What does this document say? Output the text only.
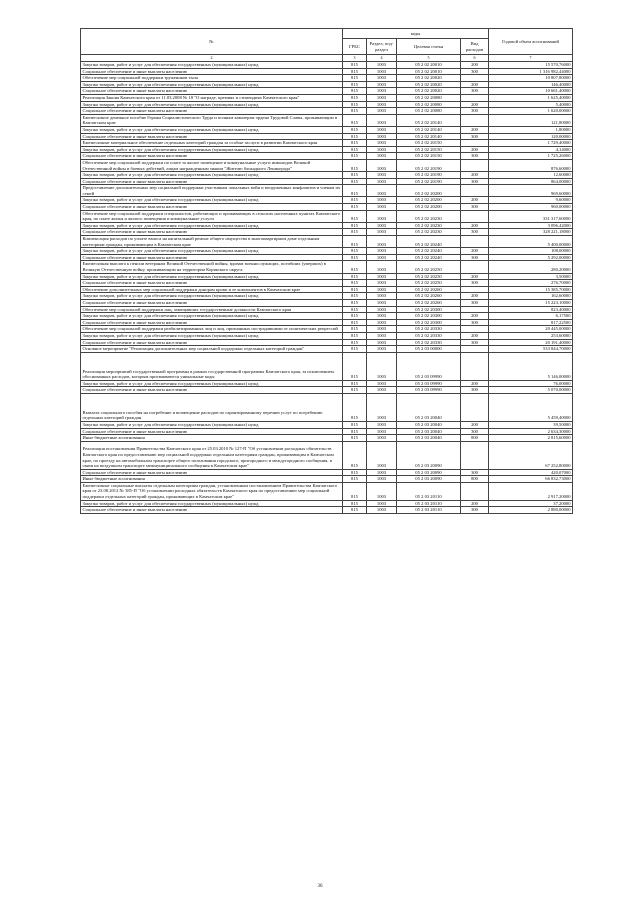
№	коды				Годовой объем ассигнований
	ГРБС	Раздел, под-раздел	Целевая статья	Вид расходов	
2	3	4	5	6	7
Закупка товаров, работ и услуг для обеспечения государственных (муниципальных) нужд	815	1003	05 2 02 20010	200	15 570,76000
Социальное обеспечение и иные выплаты населению	815	1003	05 2 02 20010	300	1 316 982,44000
Обеспечение мер социальной поддержки тружеников тыла	815	1003	05 2 02 20020		10 807,80000
Закупка товаров, работ и услуг для обеспечения государственных (муниципальных) нужд	815	1003	05 2 02 20020	200	146,40000
Социальное обеспечение и иные выплаты населению	815	1003	05 2 02 20020	300	10 661,40000
Реализация Закона Камчатского края от 11.03.2008 № 18 "О награде, премиях и стипендиях Камчатского края"	815	1003	05 2 02 20080		1 625,40000
Закупка товаров, работ и услуг для обеспечения государственных (муниципальных) нужд	815	1003	05 2 02 20080	200	5,40000
Социальное обеспечение и иные выплаты населению	815	1003	05 2 02 20080	300	1 620,00000
Ежемесячное денежное пособие Героям Социалистического Труда и полным кавалерам ордена Трудовой Славы, проживающим в Камчатском крае	815	1003	05 2 02 20140		121,80000
Закупка товаров, работ и услуг для обеспечения государственных (муниципальных) нужд	815	1003	05 2 02 20140	200	1,80000
Социальное обеспечение и иные выплаты населению	815	1003	05 2 02 20140	300	120,00000
Ежемесячные материальное обеспечение отдельных категорий граждан за особые заслуги в развитии Камчатского края	815	1003	05 2 02 20150		1 729,40000
Закупка товаров, работ и услуг для обеспечения государственных (муниципальных) нужд	815	1003	05 2 02 20150	200	4,14000
Социальное обеспечение и иные выплаты населению	815	1003	05 2 02 20150	300	1 725,26000
Обеспечение мер социальной поддержки по плате за жилое помещение и коммунальные услуги инвалидов Великой Отечественной войны и боевых действий, лицам награжденным знаком "Жителю блокадного Ленинграда"	815	1003	05 2 02 20190		876,60000
Закупка товаров, работ и услуг для обеспечения государственных (муниципальных) нужд	815	1003	05 2 02 20190	200	12,60000
Социальное обеспечение и иные выплаты населению	815	1003	05 2 02 20190	300	864,00000
Предоставление дополнительных мер социальной поддержки участникам локальных войн и вооруженных конфликтов и членам их семей	815	1003	05 2 02 20200		969,60000
Закупка товаров, работ и услуг для обеспечения государственных (муниципальных) нужд	815	1003	05 2 02 20200	200	9,60000
Социальное обеспечение и иные выплаты населению	815	1003	05 2 02 20200	300	960,00000
Обеспечение мер социальной поддержки специалистов, работающих и проживающих в сельских населенных пунктах Камчатского края, по плате жилья и жилого помещения и коммунальные услуги	815	1003	05 2 02 20230		331 317,60000
Закупка товаров, работ и услуг для обеспечения государственных (муниципальных) нужд	815	1003	05 2 02 20230	200	3 096,42000
Социальное обеспечение и иные выплаты населению	815	1003	05 2 02 20230	300	328 221,18000
Компенсация расходов по уплате взноса на капитальный ремонт общего имущества в многоквартирном доме отдельным категориям граждан, проживающим в Камчатском крае	815	1003	05 2 02 20240		5 400,00000
Закупка товаров, работ и услуг для обеспечения государственных (муниципальных) нужд	815	1003	05 2 02 20240	200	108,00000
Социальное обеспечение и иные выплаты населению	815	1003	05 2 02 20240	300	5 292,00000
Ежемесячная выплата к пенсии ветеранам Великой Отечественной войны, вдовам военнослужащих, погибших (умерших) в Великую Отечественную войну, проживающим на территории Корякского округа	815	1003	05 2 02 20250		280,20000
Закупка товаров, работ и услуг для обеспечения государственных (муниципальных) нужд	815	1003	05 2 02 20250	200	3,50000
Социальное обеспечение и иные выплаты населению	815	1003	05 2 02 20250	300	276,70000
Обеспечение дополнительных мер социальной поддержки донорам крови и ее компонентов в Камчатском крае	815	1003	05 2 02 20260		15 385,70000
Закупка товаров, работ и услуг для обеспечения государственных (муниципальных) нужд	815	1003	05 2 02 20260	200	162,60000
Социальное обеспечение и иные выплаты населению	815	1003	05 2 02 20260	300	15 223,10000
Обеспечение мер социальной поддержки лиц, замещавших государственные должности Камчатского края	815	1003	05 2 02 20300		823,40000
Закупка товаров, работ и услуг для обеспечения государственных (муниципальных) нужд	815	1003	05 2 02 20300	200	6,17500
Социальное обеспечение и иные выплаты населению	815	1003	05 2 02 20300	300	817,22500
Обеспечение мер социальной поддержки реабилитированных лиц и лиц, признанных пострадавшими от политических репрессий	815	1003	05 2 02 20330		20 445,00000
Закупка товаров, работ и услуг для обеспечения государственных (муниципальных) нужд	815	1003	05 2 02 20330	200	253,60000
Социальное обеспечение и иные выплаты населению	815	1003	05 2 02 20330	300	20 191,40000
Основное мероприятие "Реализация дополнительных мер социальной поддержки отдельных категорий граждан"	815	1003	05 2 03 00000		533 844,70000
Реализация мероприятий государственной программы в рамках государственной программы Камчатского края, за исключением обоснованных расходов, которым присваиваются уникальные коды	815	1003	05 2 03 09990		5 146,00000
Закупка товаров, работ и услуг для обеспечения государственных (муниципальных) нужд	815	1003	05 2 03 09990	200	76,00000
Социальное обеспечение и иные выплаты населению	815	1003	05 2 03 09990	300	5 070,00000
Выплата социального пособия на погребение и возмещение расходов по гарантированному перечню услуг по погребению отдельных категорий граждан	815	1003	05 2 03 20040		5 459,40000
Закупка товаров, работ и услуг для обеспечения государственных (муниципальных) нужд	815	1003	05 2 03 20040	200	39,50000
Социальное обеспечение и иные выплаты населению	815	1003	05 2 03 20040	300	2 634,30000
Иные бюджетные ассигнования	815	1003	05 2 03 20040	800	2 815,60000
Реализация постановления Правительства Камчатского края от 25.03.2010 № 127-П "Об установлении расходных обязательств Камчатского края по предоставлению мер социальной поддержки отдельным категориям граждан, проживающим в Камчатском крае, по проезду на автомобильном транспорте общего пользования городского, пригородного и междугородного сообщения, в связи на воздушном транспорте межмуниципального сообщения в Камчатском крае"	815	1003	05 2 03 20090		67 252,80000
Социальное обеспечение и иные выплаты населению	815	1003	05 2 03 20090	300	420,07000
Иные бюджетные ассигнования	815	1003	05 2 03 20090	800	66 832,73000
Ежемесячные социальные выплаты отдельным категориям граждан, установленным постановлением Правительства Камчатского края от 23.08.2012 № 385-П "Об установлении расходных обязательств Камчатского края по предоставлению мер социальной поддержки отдельных категорий граждан, проживающих в Камчатском крае"	815	1003	05 2 03 20110		2 917,20000
Закупка товаров, работ и услуг для обеспечения государственных (муниципальных) нужд	815	1003	05 2 03 20110	200	37,20000
Социальное обеспечение и иные выплаты населению	815	1003	05 2 03 20110	300	2 880,00000
36
